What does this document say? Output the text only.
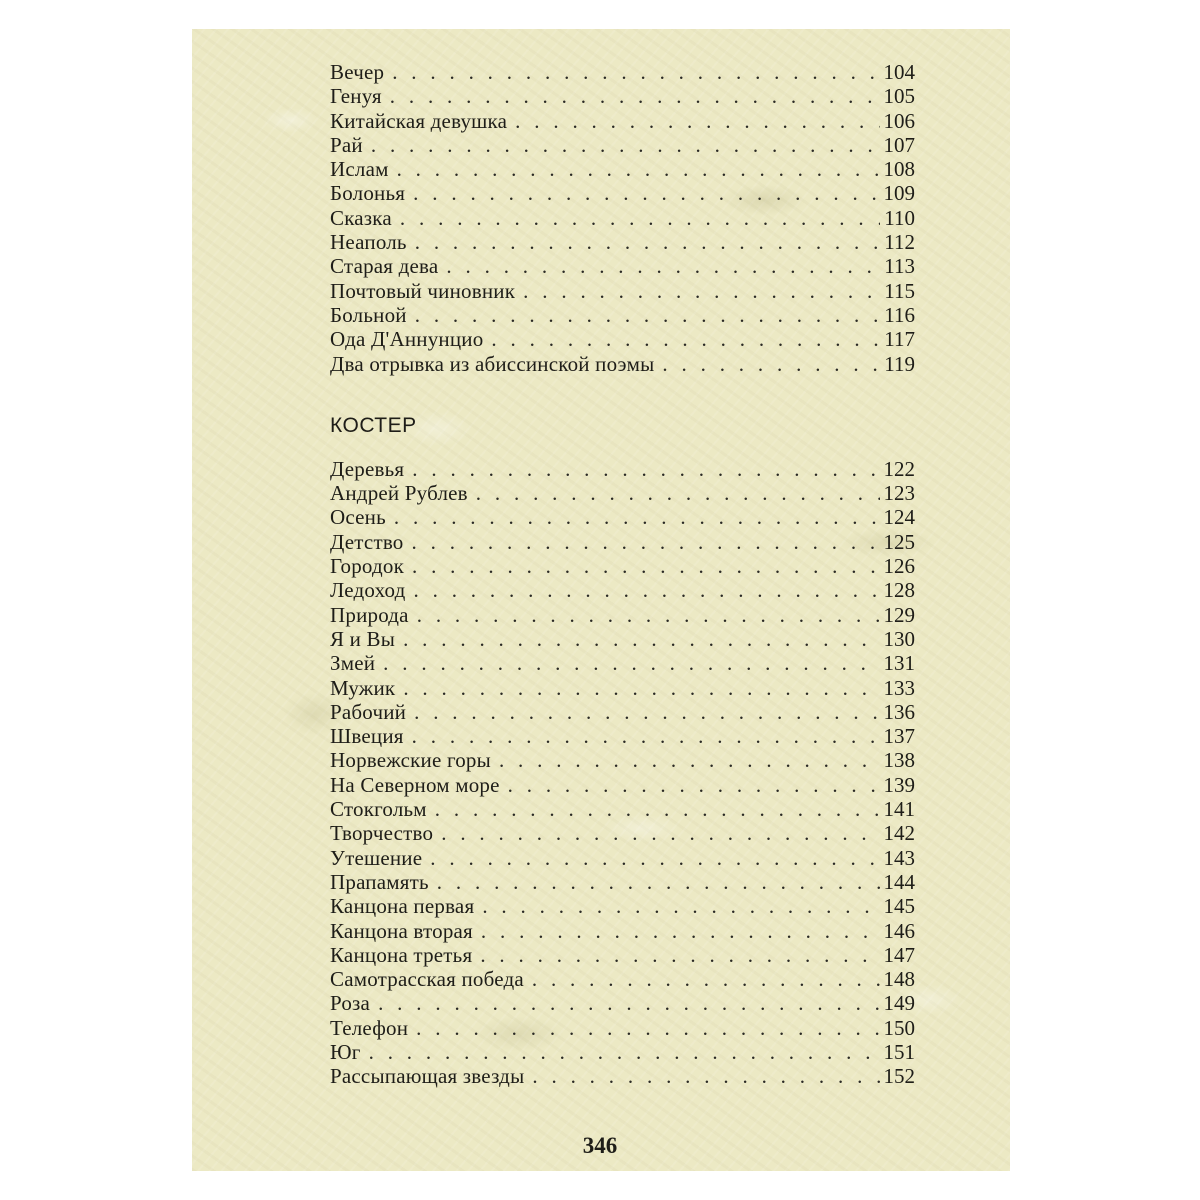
Вечер . . .	104
Генуя . . .	105
Китайская девушка . . .	106
Рай . . .	107
Ислам . . .	108
Болонья . . .	109
Сказка . . .	110
Неаполь . . .	112
Старая дева . . .	113
Почтовый чиновник . . .	115
Больной . . .	116
Ода Д'Аннунцио . . .	117
Два отрывка из абиссинской поэмы . . .	119
КОСТЕР
Деревья . . .	122
Андрей Рублев . . .	123
Осень . . .	124
Детство . . .	125
Городок . . .	126
Ледоход . . .	128
Природа . . .	129
Я и Вы . . .	130
Змей . . .	131
Мужик . . .	133
Рабочий . . .	136
Швеция . . .	137
Норвежские горы . . .	138
На Северном море . . .	139
Стокгольм . . .	141
Творчество . . .	142
Утешение . . .	143
Прапамять . . .	144
Канцона первая . . .	145
Канцона вторая . . .	146
Канцона третья . . .	147
Самотрасская победа . . .	148
Роза . . .	149
Телефон . . .	150
Юг . . .	151
Рассыпающая звезды . . .	152
346
